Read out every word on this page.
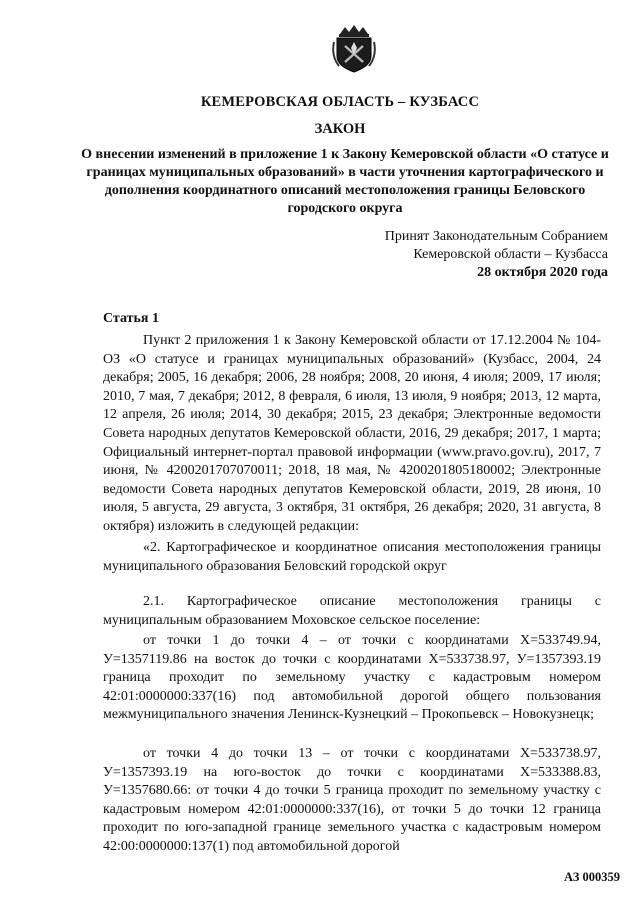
КЕМЕРОВСКАЯ ОБЛАСТЬ – КУЗБАСС
ЗАКОН
О внесении изменений в приложение 1 к Закону Кемеровской области «О статусе и границах муниципальных образований» в части уточнения картографического и дополнения координатного описаний местоположения границы Беловского городского округа
Принят Законодательным Собранием
Кемеровской области – Кузбасса
28 октября 2020 года
Статья 1
Пункт 2 приложения 1 к Закону Кемеровской области от 17.12.2004 № 104-ОЗ «О статусе и границах муниципальных образований» (Кузбасс, 2004, 24 декабря; 2005, 16 декабря; 2006, 28 ноября; 2008, 20 июня, 4 июля; 2009, 17 июля; 2010, 7 мая, 7 декабря; 2012, 8 февраля, 6 июля, 13 июля, 9 ноября; 2013, 12 марта, 12 апреля, 26 июля; 2014, 30 декабря; 2015, 23 декабря; Электронные ведомости Совета народных депутатов Кемеровской области, 2016, 29 декабря; 2017, 1 марта; Официальный интернет-портал правовой информации (www.pravo.gov.ru), 2017, 7 июня, № 4200201707070011; 2018, 18 мая, № 4200201805180002; Электронные ведомости Совета народных депутатов Кемеровской области, 2019, 28 июня, 10 июля, 5 августа, 29 августа, 3 октября, 31 октября, 26 декабря; 2020, 31 августа, 8 октября) изложить в следующей редакции:
«2. Картографическое и координатное описания местоположения границы муниципального образования Беловский городской округ
2.1. Картографическое описание местоположения границы с муниципальным образованием Моховское сельское поселение:
от точки 1 до точки 4 – от точки с координатами Х=533749.94, У=1357119.86 на восток до точки с координатами Х=533738.97, У=1357393.19 граница проходит по земельному участку с кадастровым номером 42:01:0000000:337(16) под автомобильной дорогой общего пользования межмуниципального значения Ленинск-Кузнецкий – Прокопьевск – Новокузнецк;
от точки 4 до точки 13 – от точки с координатами Х=533738.97, У=1357393.19 на юго-восток до точки с координатами Х=533388.83, У=1357680.66: от точки 4 до точки 5 граница проходит по земельному участку с кадастровым номером 42:01:0000000:337(16), от точки 5 до точки 12 граница проходит по юго-западной границе земельного участка с кадастровым номером 42:00:0000000:137(1) под автомобильной дорогой
АЗ 000359
